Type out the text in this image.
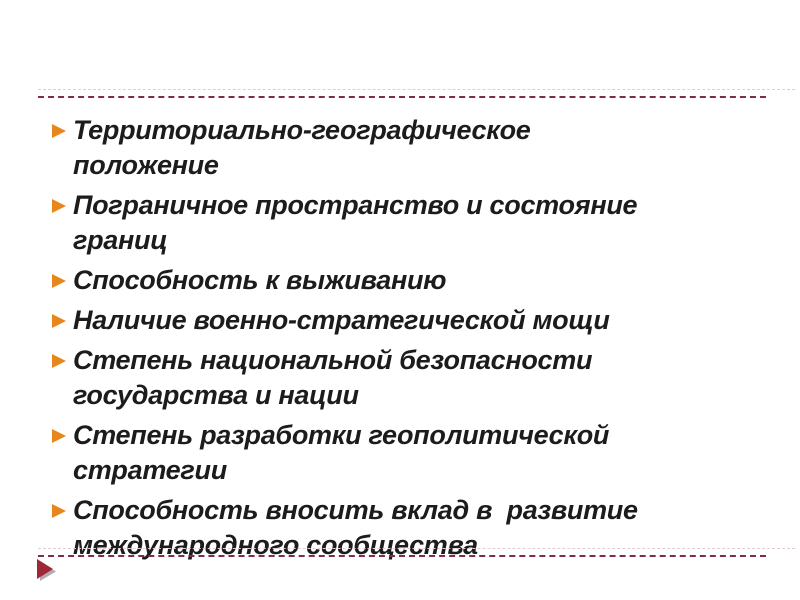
Территориально-географическое
положение
Пограничное пространство и состояние
границ
Способность к выживанию
Наличие военно-стратегической мощи
Степень национальной безопасности
государства и нации
Степень разработки геополитической
стратегии
Способность вносить вклад в  развитие
международного сообщества
